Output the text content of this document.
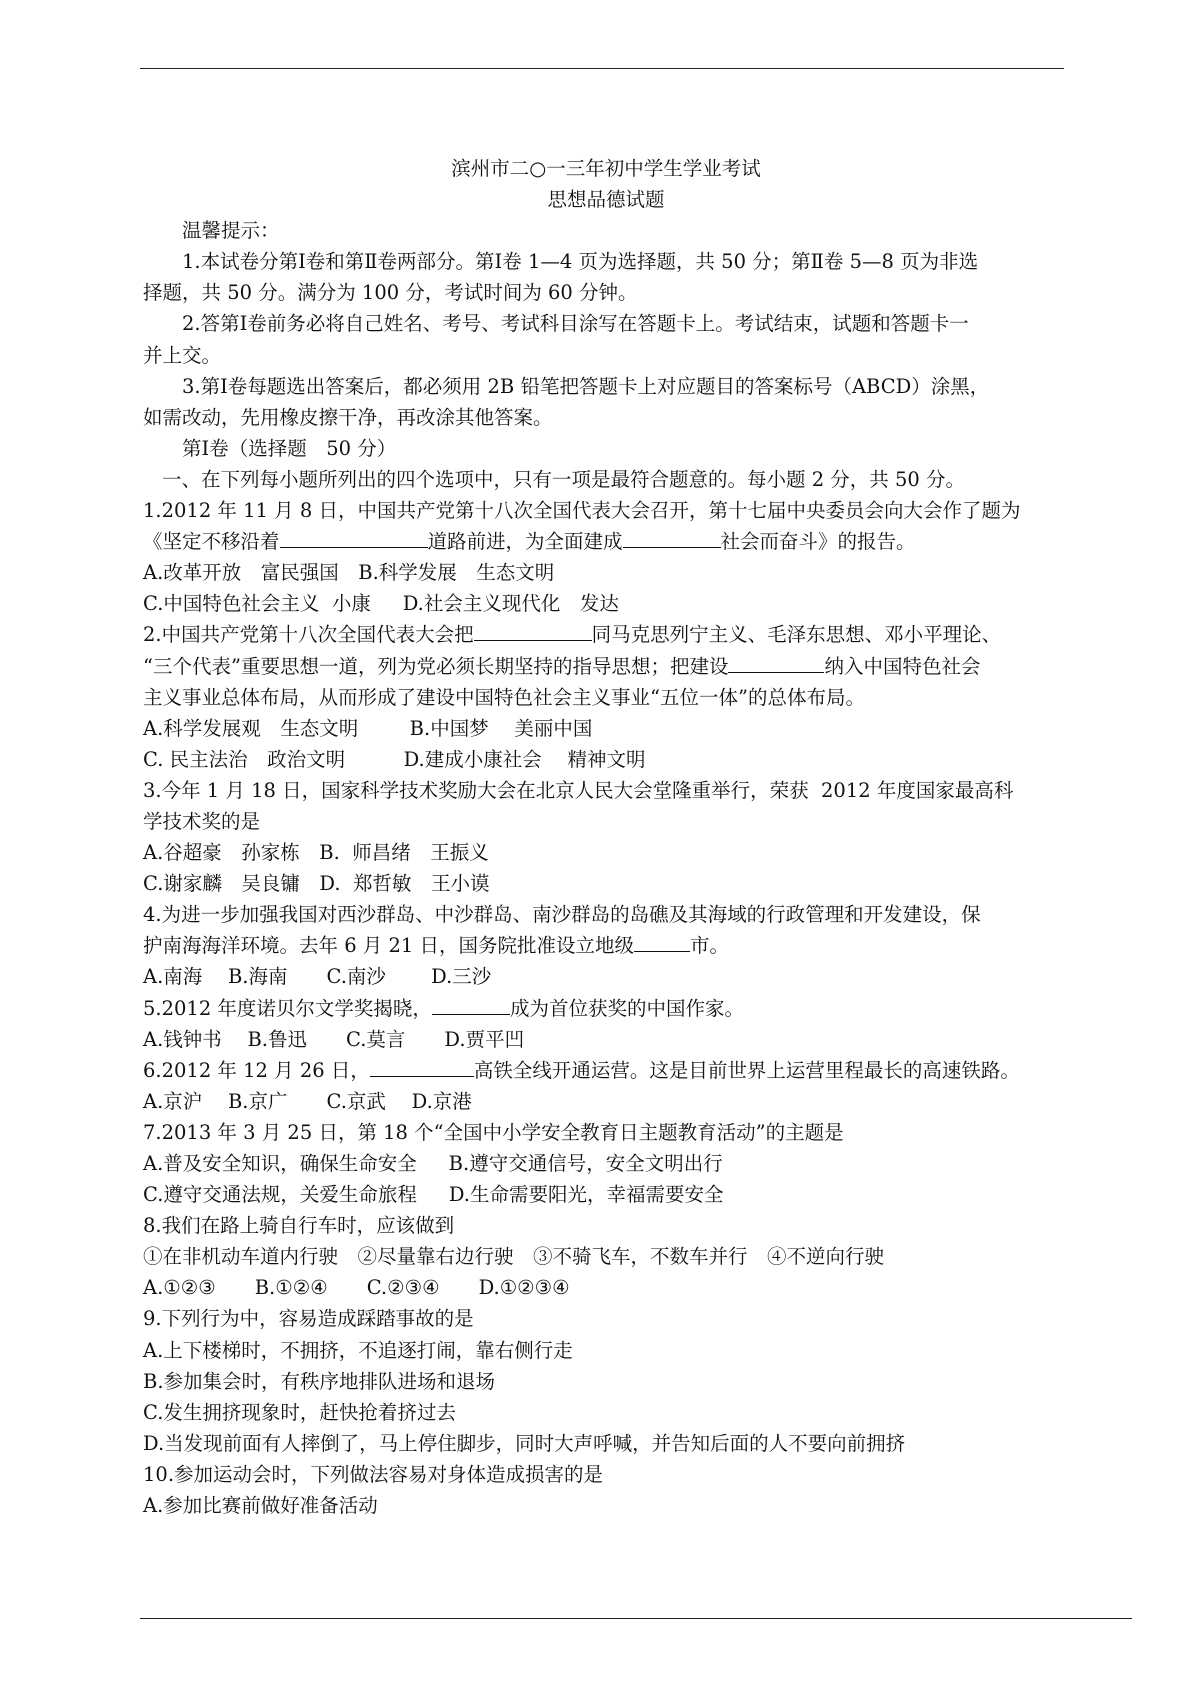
滨州市二○一三年初中学生学业考试
思想品德试题
温馨提示：
1.本试卷分第Ⅰ卷和第Ⅱ卷两部分。第Ⅰ卷 1—4 页为选择题，共 50 分；第Ⅱ卷 5—8 页为非选
择题，共 50 分。满分为 100 分，考试时间为 60 分钟。
2.答第Ⅰ卷前务必将自己姓名、考号、考试科目涂写在答题卡上。考试结束，试题和答题卡一
并上交。
3.第Ⅰ卷每题选出答案后，都必须用 2B 铅笔把答题卡上对应题目的答案标号（ABCD）涂黑，
如需改动，先用橡皮擦干净，再改涂其他答案。
第Ⅰ卷（选择题　50 分）
一、在下列每小题所列出的四个选项中，只有一项是最符合题意的。每小题 2 分，共 50 分。
1.2012 年 11 月 8 日，中国共产党第十八次全国代表大会召开，第十七届中央委员会向大会作了题为
《坚定不移沿着	道路前进，为全面建成	社会而奋斗》的报告。
A.改革开放　富民强国　B.科学发展　生态文明
C.中国特色社会主义  小康　  D.社会主义现代化　发达
2.中国共产党第十八次全国代表大会把	同马克思列宁主义、毛泽东思想、邓小平理论、
“三个代表”重要思想一道，列为党必须长期坚持的指导思想；把建设	纳入中国特色社会
主义事业总体布局，从而形成了建设中国特色社会主义事业“五位一体”的总体布局。
A.科学发展观　生态文明　　  B.中国梦　 美丽中国
C. 民主法治　政治文明　　　D.建成小康社会　 精神文明
3.今年 1 月 18 日，国家科学技术奖励大会在北京人民大会堂隆重举行，荣获  2012 年度国家最高科
学技术奖的是
A.谷超豪　孙家栋　B.  师昌绪　王振义
C.谢家麟　吴良镛　D.  郑哲敏　王小谟
4.为进一步加强我国对西沙群岛、中沙群岛、南沙群岛的岛礁及其海域的行政管理和开发建设，保
护南海海洋环境。去年 6 月 21 日，国务院批准设立地级	市。
A.南海　 B.海南　　C.南沙　　 D.三沙
5.2012 年度诺贝尔文学奖揭晓，	成为首位获奖的中国作家。
A.钱钟书　 B.鲁迅　　C.莫言　　D.贾平凹
6.2012 年 12 月 26 日，	高铁全线开通运营。这是目前世界上运营里程最长的高速铁路。
A.京沪　 B.京广　　C.京武　 D.京港
7.2013 年 3 月 25 日，第 18 个“全国中小学安全教育日主题教育活动”的主题是
A.普及安全知识，确保生命安全　  B.遵守交通信号，安全文明出行
C.遵守交通法规，关爱生命旅程　  D.生命需要阳光，幸福需要安全
8.我们在路上骑自行车时，应该做到
①在非机动车道内行驶　②尽量靠右边行驶　③不骑飞车，不数车并行　④不逆向行驶
A.①②③　　B.①②④　　C.②③④　　D.①②③④
9.下列行为中，容易造成踩踏事故的是
A.上下楼梯时，不拥挤，不追逐打闹，靠右侧行走
B.参加集会时，有秩序地排队进场和退场
C.发生拥挤现象时，赶快抢着挤过去
D.当发现前面有人摔倒了，马上停住脚步，同时大声呼喊，并告知后面的人不要向前拥挤
10.参加运动会时，下列做法容易对身体造成损害的是
A.参加比赛前做好准备活动
